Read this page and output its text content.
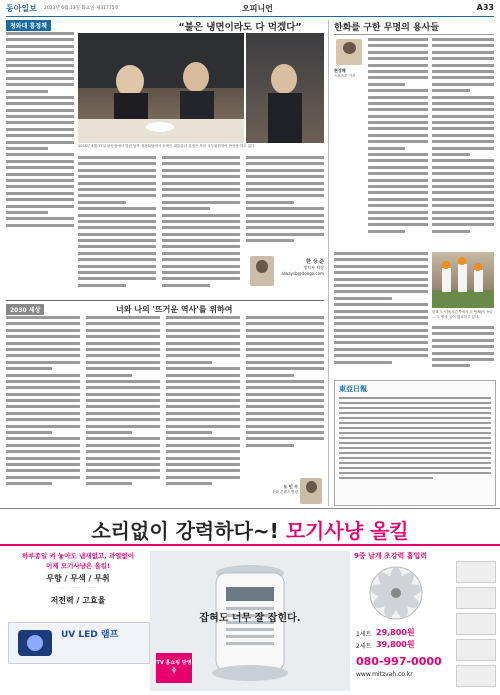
동아일보 2023년 6월 13일 화요일 제31775호	오피니언	A33
청와대 흥정책	“불은 냉면이라도 다 먹겠다”
2018년 4월 27일 판문점에서 열린 남북 정상회담에서 문재인 대통령과 김정은 북한 국무위원장이 만찬을 하고 있다.
한 상 준
정치부 차장
alwaysb@donga.com
한화를 구한 무명의 용사들
현정혜
스포츠부 기자
한화 노시환(오른쪽에서 두 번째)이 9일 … 두 팔을 들어 환호하고 있다.
2030 세상	너와 나의 '뜨거운 역사'를 위하여
도 민 수
문화 콘텐츠 팀장
東亞日報
소리없이 강력하다~! 모기사냥 올킬
하루종일 켜 놓아도 냄새없고, 과열없이
이제 모기사냥은 올킬!
무향 / 무색 / 무취
· · · · · · · · · · · · · · · ·
저전력 / 고효율
UV LED 램프
잡혀도 너무 잘 잡힌다.
TV 홈쇼핑 방영중
9중 날개 초강력 흡입력
1세트 29,800원
2세트 39,800원
080-997-0000
www.mitzvah.co.kr
